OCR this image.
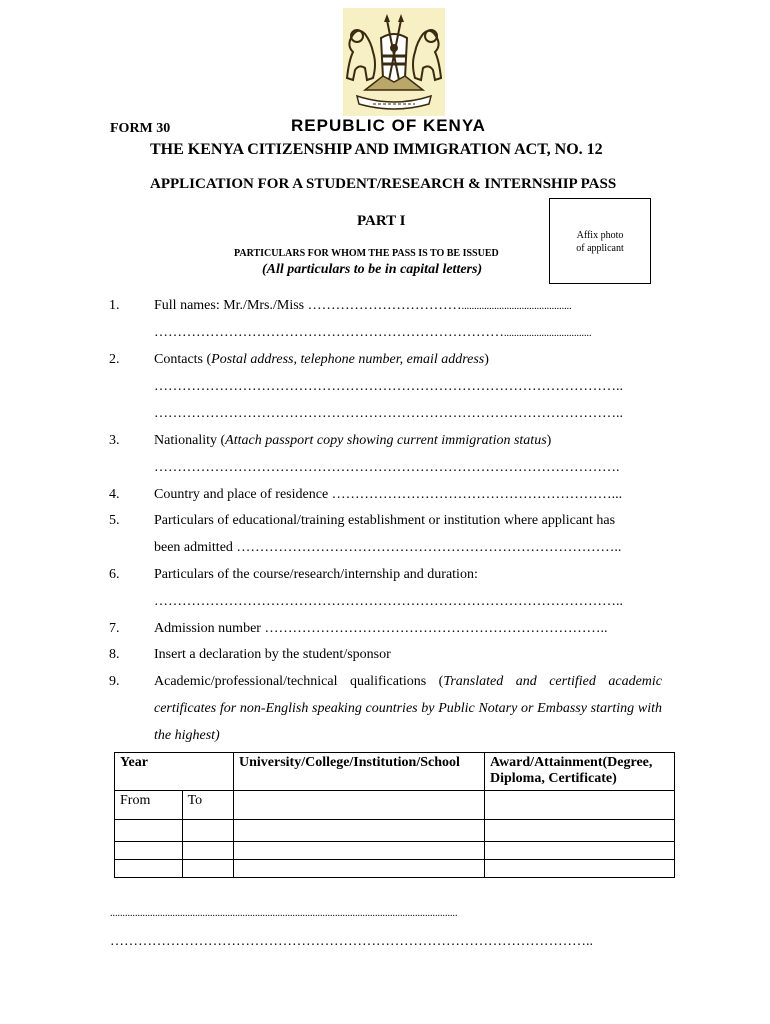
FORM 30	REPUBLIC OF KENYA
THE KENYA CITIZENSHIP AND IMMIGRATION ACT, NO. 12
APPLICATION FOR A STUDENT/RESEARCH & INTERNSHIP PASS
PART I
Affix photo
of applicant
PARTICULARS FOR WHOM THE PASS IS TO BE ISSUED
(All particulars to be in capital letters)
1. Full names: Mr./Mrs./Miss ……………………………............................................
…………………………………………………………………...................................
2. Contacts (Postal address, telephone number, email address)
………………………………………………………………………………………..
………………………………………………………………………………………..
3. Nationality (Attach passport copy showing current immigration status)
……………………………………………………………………………………….
4. Country and place of residence ……………………………………………………...
5. Particulars of educational/training establishment or institution where applicant has
been admitted ………………………………………………………………………..
6. Particulars of the course/research/internship and duration:
………………………………………………………………………………………..
7. Admission number ………………………………………………………………..
8. Insert a declaration by the student/sponsor
9. Academic/professional/technical qualifications (Translated and certified academic certificates for non-English speaking countries by Public Notary or Embassy starting with the highest)
Year		University/College/Institution/School	Award/Attainment(Degree, Diploma, Certificate)
From	To		

...........................................................................................................................................
…………………………………………………………………………………………..
